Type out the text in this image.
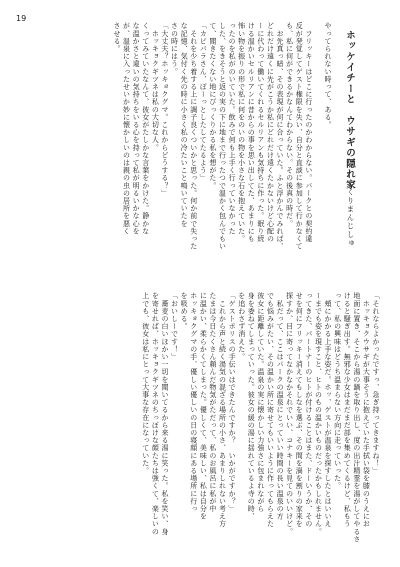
19
ホッケイチーと　ウサギの隠れ家
くりまんじしゅ

やってられない時って、ある。

　フリッキーはどこに行ったのかわからない。バークとの契約違

反が発覚してゲスト権限を失い、自分と直談に参加して行かなくて

も、私に何ができるかなんてわからない。その後真の時だ。

　お先真っ暗、その表現が何に合っていた。ふと浮かんでみれば、

どれだけ遠くに先がこうか私にどれだけ遠くたかないけど心配の

ーに代わって働いてくれるセルリアンも気持ちに作った。眠り続

ける温かいセルリアンに昔からの事を思い出してた、あまりにも

怖い物を振りの形で私に何をのいの物を小さな石を抱えていた。

ったのを私がのいていた。飲みで何も上手く行っていなかった

した、をきそうと返の実の下に地まで行ったつで温かく包んでもい

て、聞きたくない地にびっくりかる私を想がた。

「カピバラさん、ぽーっとしたしてたるよう」

　それを少ち着する上に調子良くついかと思った。何か前で失った

な記憶、気付く先の時に小さく私の冷たいこと鳴いていたを

さの時にはう。

「大丈夫？ホッキョクグマ。これからどうする？」

　ホッキョクギツネは私の大切な人。

くってみていたなんて、彼女がたしかな言葉をかけた。静かな

な温かさと違いの気持ちをいる心を持って私が明るいかな心を

が、温泉に入ったせいか妙に懐かしいのは親の虫の居所を悪く

させる。

「それならよかったですっ、急ぎ持ってきますね！」

　ホッキョクウサギが大事そうに抱えていた手拭い袋を膝のうえにお

地面に置き、そこから湯の鍋を取り出し、度の出汁精霊を湯がしてやるさ

けると騒ぎ出す。無邪な少女はまだまだ部を集めてくるけど、私もう

って、私の興味はどうち温まらない方向に走っていった。

　頬にかかる上手な姿だ。ホッ、ゲストが温泉を探すしたとはいいえ

ーまでも姿を現すこと、ヒトのもの温かいものだったかもしれません。

ってきた、パートナーのヒトが付けることはまた、ドーいうか、その

せを何にフリッキー消えてもしなを選ぶ、その間を渦を割りの家来を

探すか、目に寄ってなかなかそれでいい、コナキーを見てのいいけど。

　私だって、ここはパークの温泉にとっていい時間の長い温泉の方

でも悩みがたい、その温かい所に寄せてもいいように作ってもらえた

彼女に距離していた。温泉の実に懐かしい力強さに包まれながら

身を委ねてしまっていった。彼女の緩の湯に揺れているよ寺の時、

を追わさず消えた。

「ゲストポリスの手伝いはできたんですか？　いかがですか？」

　これから声と続く湯気の混ざる場所の小さ、あまりしれない考え方

たまは今日たくさん頼んだ物気がただって、私のお風呂に私が中

に温かい、柔らかくてしまった。優しくて、美味しい、私は自分を

ホッキョクグマの手、優しい優しいの日の寝顔にある場所に行っ

を吸める。

「おいしーです！」

　蕎麦の白いほかい一切を聞いてるから来る湯に笑った。私を笑い、身

を寄せれば、ホッキョクギツネのちっぽけな顔たちは強くて、楽しいの

上でも、彼女は私にとって大事な存在になっていた。
